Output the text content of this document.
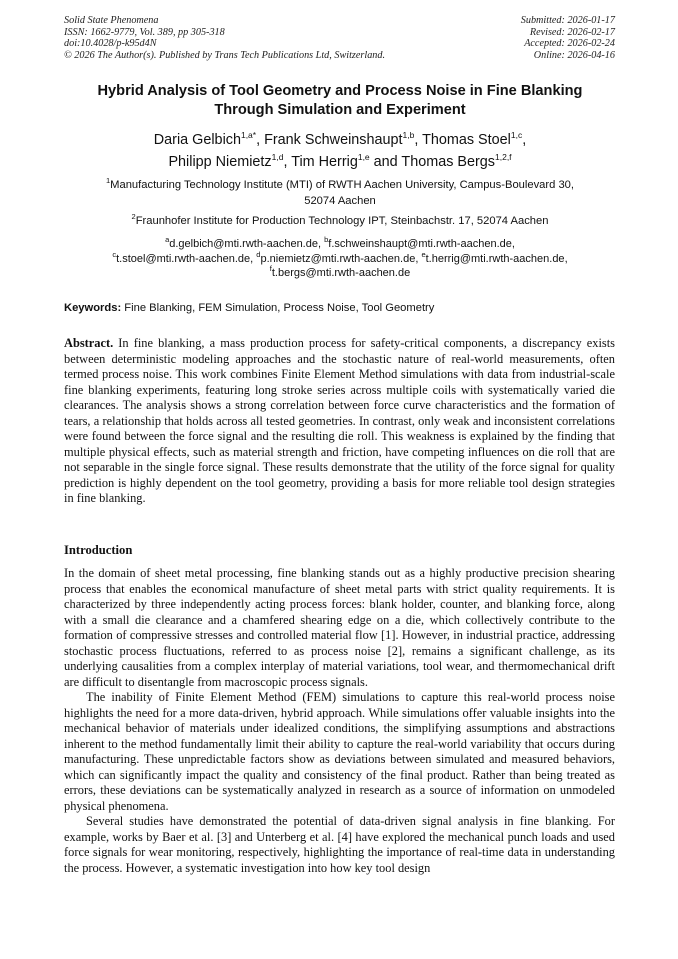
Solid State Phenomena
ISSN: 1662-9779, Vol. 389, pp 305-318
doi:10.4028/p-k95d4N
© 2026 The Author(s). Published by Trans Tech Publications Ltd, Switzerland.
Submitted: 2026-01-17
Revised: 2026-02-17
Accepted: 2026-02-24
Online: 2026-04-16
Hybrid Analysis of Tool Geometry and Process Noise in Fine Blanking
Through Simulation and Experiment
Daria Gelbich$^{1,a*}$, Frank Schweinshaupt$^{1,b}$, Thomas Stoel$^{1,c}$,
Philipp Niemietz$^{1,d}$, Tim Herrig$^{1,e}$ and Thomas Bergs$^{1,2,f}$
$^1$Manufacturing Technology Institute (MTI) of RWTH Aachen University, Campus-Boulevard 30,
52074 Aachen
$^2$Fraunhofer Institute for Production Technology IPT, Steinbachstr. 17, 52074 Aachen
$^a$d.gelbich@mti.rwth-aachen.de, $^b$f.schweinshaupt@mti.rwth-aachen.de,
$^c$t.stoel@mti.rwth-aachen.de, $^d$p.niemietz@mti.rwth-aachen.de, $^e$t.herrig@mti.rwth-aachen.de,
$^f$t.bergs@mti.rwth-aachen.de
Keywords: Fine Blanking, FEM Simulation, Process Noise, Tool Geometry
Abstract. In fine blanking, a mass production process for safety-critical components, a discrepancy exists between deterministic modeling approaches and the stochastic nature of real-world measurements, often termed process noise. This work combines Finite Element Method simulations with data from industrial-scale fine blanking experiments, featuring long stroke series across multiple coils with systematically varied die clearances. The analysis shows a strong correlation between force curve characteristics and the formation of tears, a relationship that holds across all tested geometries. In contrast, only weak and inconsistent correlations were found between the force signal and the resulting die roll. This weakness is explained by the finding that multiple physical effects, such as material strength and friction, have competing influences on die roll that are not separable in the single force signal. These results demonstrate that the utility of the force signal for quality prediction is highly dependent on the tool geometry, providing a basis for more reliable tool design strategies in fine blanking.
Introduction

In the domain of sheet metal processing, fine blanking stands out as a highly productive precision shearing process that enables the economical manufacture of sheet metal parts with strict quality requirements. It is characterized by three independently acting process forces: blank holder, counter, and blanking force, along with a small die clearance and a chamfered shearing edge on a die, which collectively contribute to the formation of compressive stresses and controlled material flow [1]. However, in industrial practice, addressing stochastic process fluctuations, referred to as process noise [2], remains a significant challenge, as its underlying causalities from a complex interplay of material variations, tool wear, and thermomechanical drift are difficult to disentangle from macroscopic process signals.

The inability of Finite Element Method (FEM) simulations to capture this real-world process noise highlights the need for a more data-driven, hybrid approach. While simulations offer valuable insights into the mechanical behavior of materials under idealized conditions, the simplifying assumptions and abstractions inherent to the method fundamentally limit their ability to capture the real-world variability that occurs during manufacturing. These unpredictable factors show as deviations between simulated and measured behaviors, which can significantly impact the quality and consistency of the final product. Rather than being treated as errors, these deviations can be systematically analyzed in research as a source of information on unmodeled physical phenomena.

Several studies have demonstrated the potential of data-driven signal analysis in fine blanking. For example, works by Baer et al. [3] and Unterberg et al. [4] have explored the mechanical punch loads and used force signals for wear monitoring, respectively, highlighting the importance of real-time data in understanding the process. However, a systematic investigation into how key tool design
